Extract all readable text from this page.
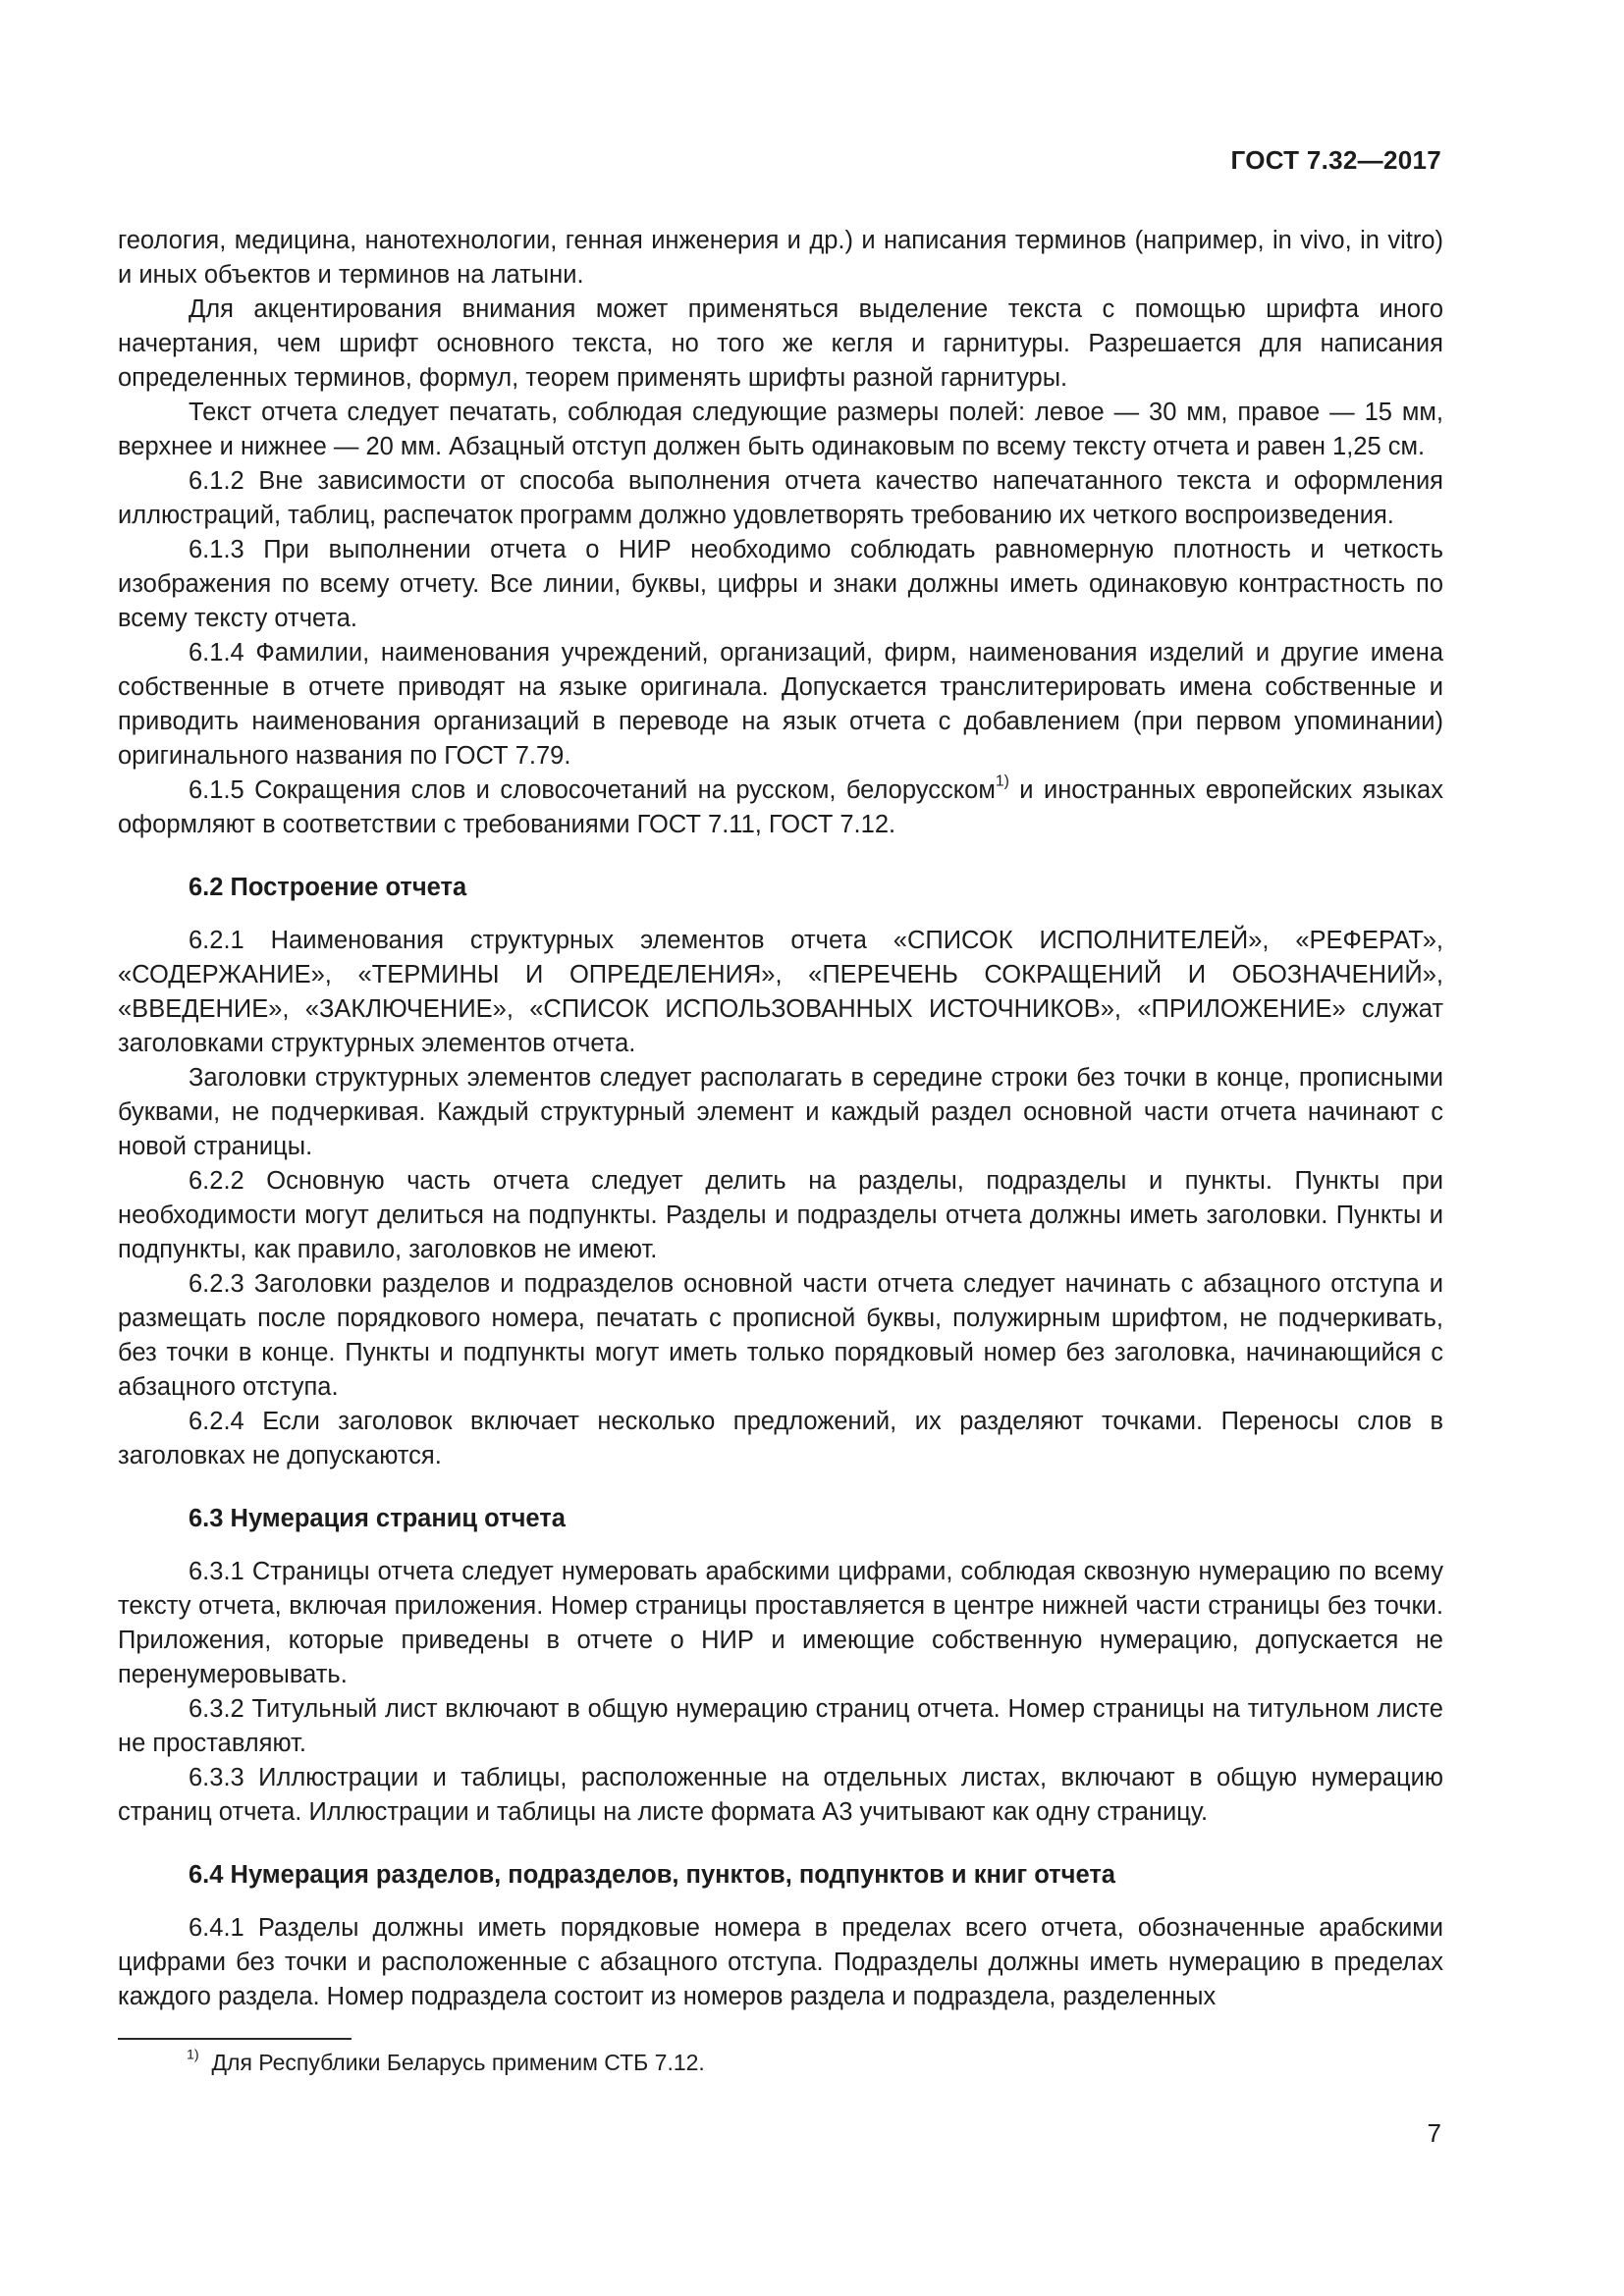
ГОСТ 7.32—2017

геология, медицина, нанотехнологии, генная инженерия и др.) и написания терминов (например, in vivo, in vitro) и иных объектов и терминов на латыни.

Для акцентирования внимания может применяться выделение текста с помощью шрифта иного начертания, чем шрифт основного текста, но того же кегля и гарнитуры. Разрешается для написания определенных терминов, формул, теорем применять шрифты разной гарнитуры.

Текст отчета следует печатать, соблюдая следующие размеры полей: левое — 30 мм, правое — 15 мм, верхнее и нижнее — 20 мм. Абзацный отступ должен быть одинаковым по всему тексту отчета и равен 1,25 см.

6.1.2 Вне зависимости от способа выполнения отчета качество напечатанного текста и оформления иллюстраций, таблиц, распечаток программ должно удовлетворять требованию их четкого воспроизведения.

6.1.3 При выполнении отчета о НИР необходимо соблюдать равномерную плотность и четкость изображения по всему отчету. Все линии, буквы, цифры и знаки должны иметь одинаковую контрастность по всему тексту отчета.

6.1.4 Фамилии, наименования учреждений, организаций, фирм, наименования изделий и другие имена собственные в отчете приводят на языке оригинала. Допускается транслитерировать имена собственные и приводить наименования организаций в переводе на язык отчета с добавлением (при первом упоминании) оригинального названия по ГОСТ 7.79.

6.1.5 Сокращения слов и словосочетаний на русском, белорусском$^{1)}$ и иностранных европейских языках оформляют в соответствии с требованиями ГОСТ 7.11, ГОСТ 7.12.

6.2 Построение отчета

6.2.1 Наименования структурных элементов отчета «СПИСОК ИСПОЛНИТЕЛЕЙ», «РЕФЕРАТ», «СОДЕРЖАНИЕ», «ТЕРМИНЫ И ОПРЕДЕЛЕНИЯ», «ПЕРЕЧЕНЬ СОКРАЩЕНИЙ И ОБОЗНАЧЕНИЙ», «ВВЕДЕНИЕ», «ЗАКЛЮЧЕНИЕ», «СПИСОК ИСПОЛЬЗОВАННЫХ ИСТОЧНИКОВ», «ПРИЛОЖЕНИЕ» служат заголовками структурных элементов отчета.

Заголовки структурных элементов следует располагать в середине строки без точки в конце, прописными буквами, не подчеркивая. Каждый структурный элемент и каждый раздел основной части отчета начинают с новой страницы.

6.2.2 Основную часть отчета следует делить на разделы, подразделы и пункты. Пункты при необходимости могут делиться на подпункты. Разделы и подразделы отчета должны иметь заголовки. Пункты и подпункты, как правило, заголовков не имеют.

6.2.3 Заголовки разделов и подразделов основной части отчета следует начинать с абзацного отступа и размещать после порядкового номера, печатать с прописной буквы, полужирным шрифтом, не подчеркивать, без точки в конце. Пункты и подпункты могут иметь только порядковый номер без заголовка, начинающийся с абзацного отступа.

6.2.4 Если заголовок включает несколько предложений, их разделяют точками. Переносы слов в заголовках не допускаются.

6.3 Нумерация страниц отчета

6.3.1 Страницы отчета следует нумеровать арабскими цифрами, соблюдая сквозную нумерацию по всему тексту отчета, включая приложения. Номер страницы проставляется в центре нижней части страницы без точки. Приложения, которые приведены в отчете о НИР и имеющие собственную нумерацию, допускается не перенумеровывать.

6.3.2 Титульный лист включают в общую нумерацию страниц отчета. Номер страницы на титульном листе не проставляют.

6.3.3 Иллюстрации и таблицы, расположенные на отдельных листах, включают в общую нумерацию страниц отчета. Иллюстрации и таблицы на листе формата А3 учитывают как одну страницу.

6.4 Нумерация разделов, подразделов, пунктов, подпунктов и книг отчета

6.4.1 Разделы должны иметь порядковые номера в пределах всего отчета, обозначенные арабскими цифрами без точки и расположенные с абзацного отступа. Подразделы должны иметь нумерацию в пределах каждого раздела. Номер подраздела состоит из номеров раздела и подраздела, разделенных

$^{1)}$ Для Республики Беларусь применим СТБ 7.12.
7
